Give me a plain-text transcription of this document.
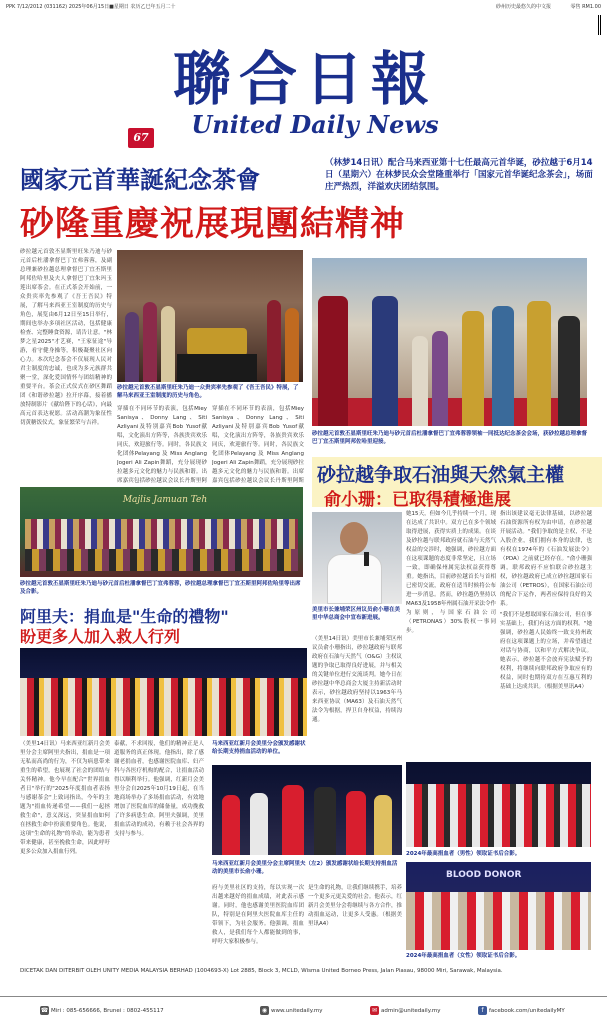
PPK 7/12/2012 (031162) 2025年06月15日■星期日 农历乙巳年五月二十	砂州历史最悠久的中文报	零售 RM1.00
聯合日報
United Daily News
67
國家元首華誕紀念茶會
（林梦14日讯）配合马来西亚第十七任最高元首华诞，砂拉越于6月14日（星期六）在林梦民众会堂隆重举行「国家元首华诞纪念茶会」，场面庄严热烈，洋溢欢庆团结氛围。
砂隆重慶祝展現團結精神

砂拉越元首敦丕显斯里旺朱乃迪与砂元首后杜潘拿督巴丁宜弗蓉蓉，及副总理兼砂拉越总理拿督巴丁宜丕斯里阿邦佐哈里及夫人拿督巴丁宜朱玛玉莲出席茶会。在正式茶会开始前，一众贵宾率先参观了《吾王吾民》特展，了解马来西亚王室制度的历史与角色，展览由6月12日至15日举行，期间也举办多项社区活动，包括健康检查、完整睡食资源，请告让意。"林梦之星2025"才艺赛，"王家征途"导游，看守健身操等，积极凝聚社区向心力。本次纪念茶会不仅展现人民对君主制度的忠诚，也成为多元族群共聚一堂，深化爱国情怀与团结精神的重要平台。茶会正式仪式在砂区舞蹈团《和谐砂拉越》拉开序幕，接着播放特制影片《献给陛下的心话》，向最高元首表达祝愿。活动高潮为象征性切黄糖饭仪式，象征繁荣与吉祥。

砂拉越元首敦丕显斯里旺朱乃迪一众贵宾率先参观了《吾王吾民》特展，了解马来西亚王室制度的历史与角色。
砂拉越元首敦丕显斯里旺朱乃迪与砂元首后杜潘拿督巴丁宜弗蓉蓉领袖一同抵达纪念茶会会场，获砂拉越总理拿督巴丁宜丕斯里阿邦佐哈里迎接。

穿插在不同环节的表演，包括Miey Sanisya、Donny Lang、Siti Azliyani及特别嘉宾Bob Yusof献唱，文化演出方阵等，各族贵宾欢乐同庆，欢迎旅行等。同时，各民族文化团体Pelayang 及 Miss Anglang Jogeri Ali Zapin舞蹈，充分展现砂拉越多元文化的魅力与民族和谐。出席嘉宾包括砂拉越议会议长丹斯里阿

穿插在不同环节的表演，包括Miey Sanisya、Donny Lang、Siti Azliyani及特别嘉宾Bob Yusof献唱，文化演出方阵等，各族贵宾欢乐同庆，欢迎旅行等。同时，各民族文化团体Pelayang 及 Miss Anglang Jogeri Ali Zapin舞蹈，充分展现砂拉越多元文化的魅力与民族和谐。出席嘉宾包括砂拉越议会议长丹斯里阿斯

Majlis Jamuan Teh
砂拉越元首敦丕显斯里旺朱乃迪与砂元首后杜潘拿督巴丁宜弗蓉蓉，砂拉越总理拿督巴丁宜丕斯里阿邦佐哈里等出席及合影。
砂拉越争取石油與天然氣主權
俞小珊：已取得積極進展
美里市长兼埔荣区州议员俞小珊在美里中华总商会中宣布新进展。

（美里14日讯）美里市长兼埔荣区州议员俞小珊指出，砂拉越政府与联邦政府在石油与天然气（O&G）主权议题的争取已取得良好进展，并与相关的关键单位进行交流谈判。她今日在砂拉越中华总商会大厦主持新活动时表示，砂拉越政府坚持以1963年马来西亚协议（MA63）及石油天然气法令为根据，捍卫自身权益，持续沟通。

她15天，但如今几乎持续一个月，现在达成了共识中。双方已在多个领域取得进展，获得实质上的成果。在谈及砂拉越与联邦政府就石油与天然气权益的交涉时，她强调，砂拉越方面在这项课题的态度非常坚定，且立场一致，即确保州属宪法权益获得尊重。她指出，目前砂拉越首长与首相已密切交流，政府在适当时候将公布进一步消息。然而，砂拉越仍坚持以MA63及1958年州属石油开采法令作为原则，与国家石油公司（PETRONAS）30%股权一事同步。

指出该建议毫无法律基础，以砂拉越石油资源所有权为由申请，在砂拉越开展活动。"我们争取的是主权，不是入股企业，我们拥有本身的法律，也有权在1974年的《石油发展法令》（PDA）之前就已经存在。"俞小珊强调，联邦政府不应怕联合砂拉越主权，砂拉越政府已成立砂拉越国家石油公司（PETROS），在国家石油公司的配合下运作，两者应保持良好的关系。

"我们不是想取国家石油公司，但在事实基础上，我们有这方面的权利。"她强调，砂拉越人民始终一致支持州政府在这项课题上的立场，并希望通过对话与协商，以和平方式解决争议。她表示，砂拉越不会放弃宪法赋予的权利，将继续向联邦政府争取应有的权益，同时也期待双方在互惠互利的基础上达成共识。（根据美里讯A4）

阿里夫：捐血是"生命的禮物"
盼更多人加入救人行列

（美里14日讯）马来西亚红新月会美里分会主席阿里夫指出，捐血是一项无私而高尚的行为，不仅为病患带来重生的希望，也展现了社会的团结与关怀精神。他今早在配合"世界捐血者日"举行的"2025年度捐血者表扬与感谢茶会"上致词指出，今年的主题为"捐血传递希望——我们一起拯救生命"，意义深远，突显捐血如何在拯救生命中扮演重要角色。他说，这项"生命的礼物"的举动，能为患者带来健康，甚至挽救生命，因此呼吁更多公众加入捐血行列。

泰献，不求回报，他们的精神正是人道服务的真正体现。他指出，除了感谢老捐血者，也感谢医院血库、妇产科与各医疗机构的配合，让捐血活动得以顺利举行。他强调，红新月会美里分会自2025年10月19日起，在当地商场举办了多场捐血活动，有效地增加了医院血库的储备量，成功挽救了许多病患生命。阿里夫强调，美里捐血活动的成功，有赖于社会各界的支持与参与。

马来西亚红新月会美里分会颁发感谢状给长期支持捐血活动的单位。
马来西亚红新月会美里分会主席阿里夫（左2）颁发感谢状给长期支持捐血活动的美里市长俞小珊。

府与美里社区的支持，每以实现一次出越来越好的捐血成绩，对此表示感谢。同时，他也感谢美里医院血库团队，特别是在阿里夫医院血库主任的带领下，为社会服务。他强调，捐血救人，是我们每个人都能做到的事，呼吁大家积极参与。

是生命的礼物，让我们继续携手，培养一个更多元更关爱的社会。他表示，红新月会美里分会将继续与各方合作，推动捐血运动，让更多人受惠。（根据美里讯A4）

2024年最高捐血者（男性）领取证书后合影。
BLOOD DONOR
2024年最高捐血者（女性）领取证书后合影。
DICETAK DAN DITERBIT OLEH UNITY MEDIA MALAYSIA BERHAD (1004693-X) Lot 2885, Block 3, MCLD, Wisma United Borneo Press, Jalan Piasau, 98000 Miri, Sarawak, Malaysia.
☎ Miri : 085-656666, Brunei : 0802-455117	◉ www.unitedaily.my	✉ admin@unitedaily.my	f facebook.com/unitedailyMY
